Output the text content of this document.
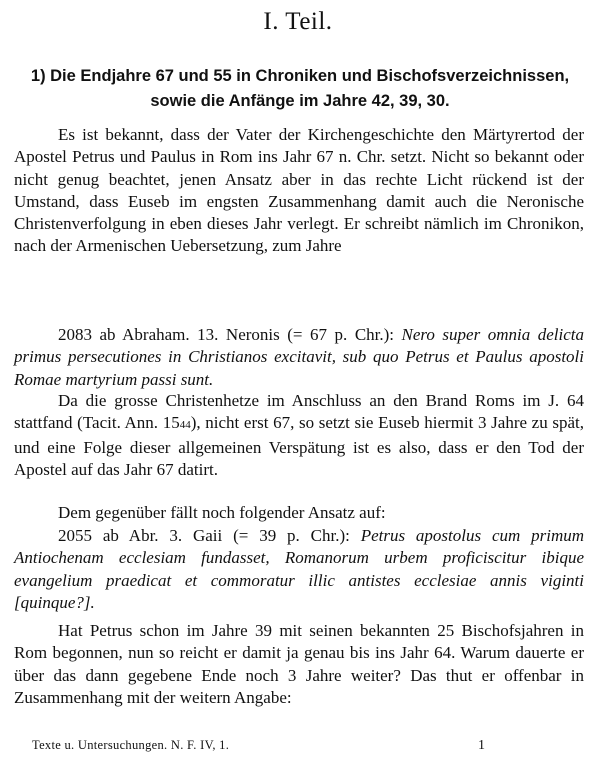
I. Teil.
1) Die Endjahre 67 und 55 in Chroniken und Bischofsverzeichnissen,
sowie die Anfänge im Jahre 42, 39, 30.
Es ist bekannt, dass der Vater der Kirchengeschichte den Märtyrertod der Apostel Petrus und Paulus in Rom ins Jahr 67 n. Chr. setzt. Nicht so bekannt oder nicht genug beachtet, jenen Ansatz aber in das rechte Licht rückend ist der Umstand, dass Euseb im engsten Zusammenhang damit auch die Neronische Christenverfolgung in eben dieses Jahr verlegt. Er schreibt nämlich im Chronikon, nach der Armenischen Uebersetzung, zum Jahre
2083 ab Abraham. 13. Neronis (= 67 p. Chr.): Nero super omnia delicta primus persecutiones in Christianos excitavit, sub quo Petrus et Paulus apostoli Romae martyrium passi sunt.
Da die grosse Christenhetze im Anschluss an den Brand Roms im J. 64 stattfand (Tacit. Ann. 1544), nicht erst 67, so setzt sie Euseb hiermit 3 Jahre zu spät, und eine Folge dieser allgemeinen Verspätung ist es also, dass er den Tod der Apostel auf das Jahr 67 datirt.
Dem gegenüber fällt noch folgender Ansatz auf:
2055 ab Abr. 3. Gaii (= 39 p. Chr.): Petrus apostolus cum primum Antiochenam ecclesiam fundasset, Romanorum urbem proficiscitur ibique evangelium praedicat et commoratur illic antistes ecclesiae annis viginti [quinque?].
Hat Petrus schon im Jahre 39 mit seinen bekannten 25 Bischofsjahren in Rom begonnen, nun so reicht er damit ja genau bis ins Jahr 64. Warum dauerte er über das dann gegebene Ende noch 3 Jahre weiter? Das thut er offenbar in Zusammenhang mit der weitern Angabe:
Texte u. Untersuchungen. N. F. IV, 1.	1
